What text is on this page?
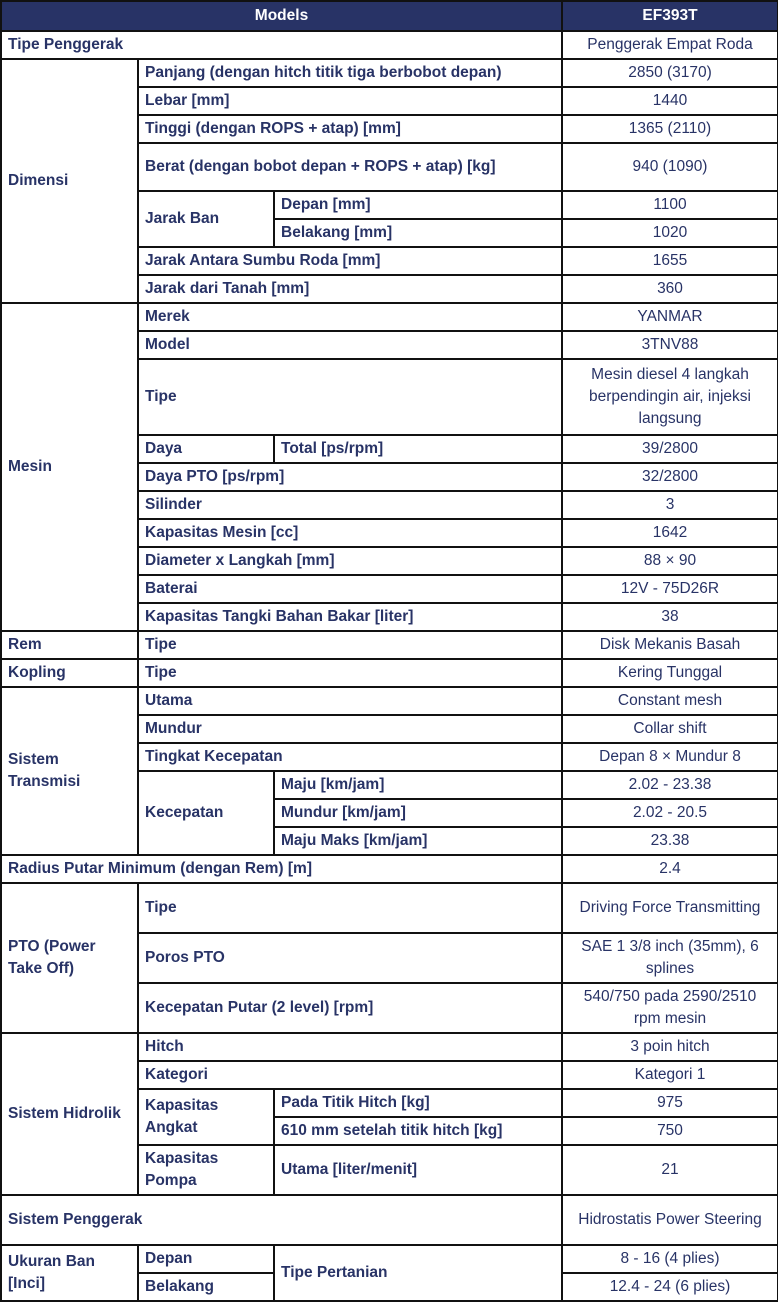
Models			EF393T
Tipe Penggerak			Penggerak Empat Roda
Dimensi	Panjang (dengan hitch titik tiga berbobot depan)		2850 (3170)
	Lebar [mm]		1440
	Tinggi (dengan ROPS + atap) [mm]		1365 (2110)
	Berat (dengan bobot depan + ROPS + atap) [kg]		940 (1090)
	Jarak Ban	Depan [mm]	1100
		Belakang [mm]	1020
	Jarak Antara Sumbu Roda [mm]		1655
	Jarak dari Tanah [mm]		360
Mesin	Merek		YANMAR
	Model		3TNV88
	Tipe		Mesin diesel 4 langkah berpendingin air, injeksi langsung
	Daya	Total [ps/rpm]	39/2800
	Daya PTO [ps/rpm]		32/2800
	Silinder		3
	Kapasitas Mesin [cc]		1642
	Diameter x Langkah [mm]		88 × 90
	Baterai		12V - 75D26R
	Kapasitas Tangki Bahan Bakar [liter]		38
Rem	Tipe		Disk Mekanis Basah
Kopling	Tipe		Kering Tunggal
Sistem Transmisi	Utama		Constant mesh
	Mundur		Collar shift
	Tingkat Kecepatan		Depan 8 × Mundur 8
	Kecepatan	Maju [km/jam]	2.02 - 23.38
		Mundur [km/jam]	2.02 - 20.5
		Maju Maks [km/jam]	23.38
Radius Putar Minimum (dengan Rem) [m]			2.4
PTO (Power Take Off)	Tipe		Driving Force Transmitting
	Poros PTO		SAE 1 3/8 inch (35mm), 6 splines
	Kecepatan Putar (2 level) [rpm]		540/750 pada 2590/2510 rpm mesin
Sistem Hidrolik	Hitch		3 poin hitch
	Kategori		Kategori 1
	Kapasitas Angkat	Pada Titik Hitch [kg]	975
		610 mm setelah titik hitch [kg]	750
	Kapasitas Pompa	Utama [liter/menit]	21
Sistem Penggerak			Hidrostatis Power Steering
Ukuran Ban [Inci]	Depan	Tipe Pertanian	8 - 16 (4 plies)
	Belakang		12.4 - 24 (6 plies)
